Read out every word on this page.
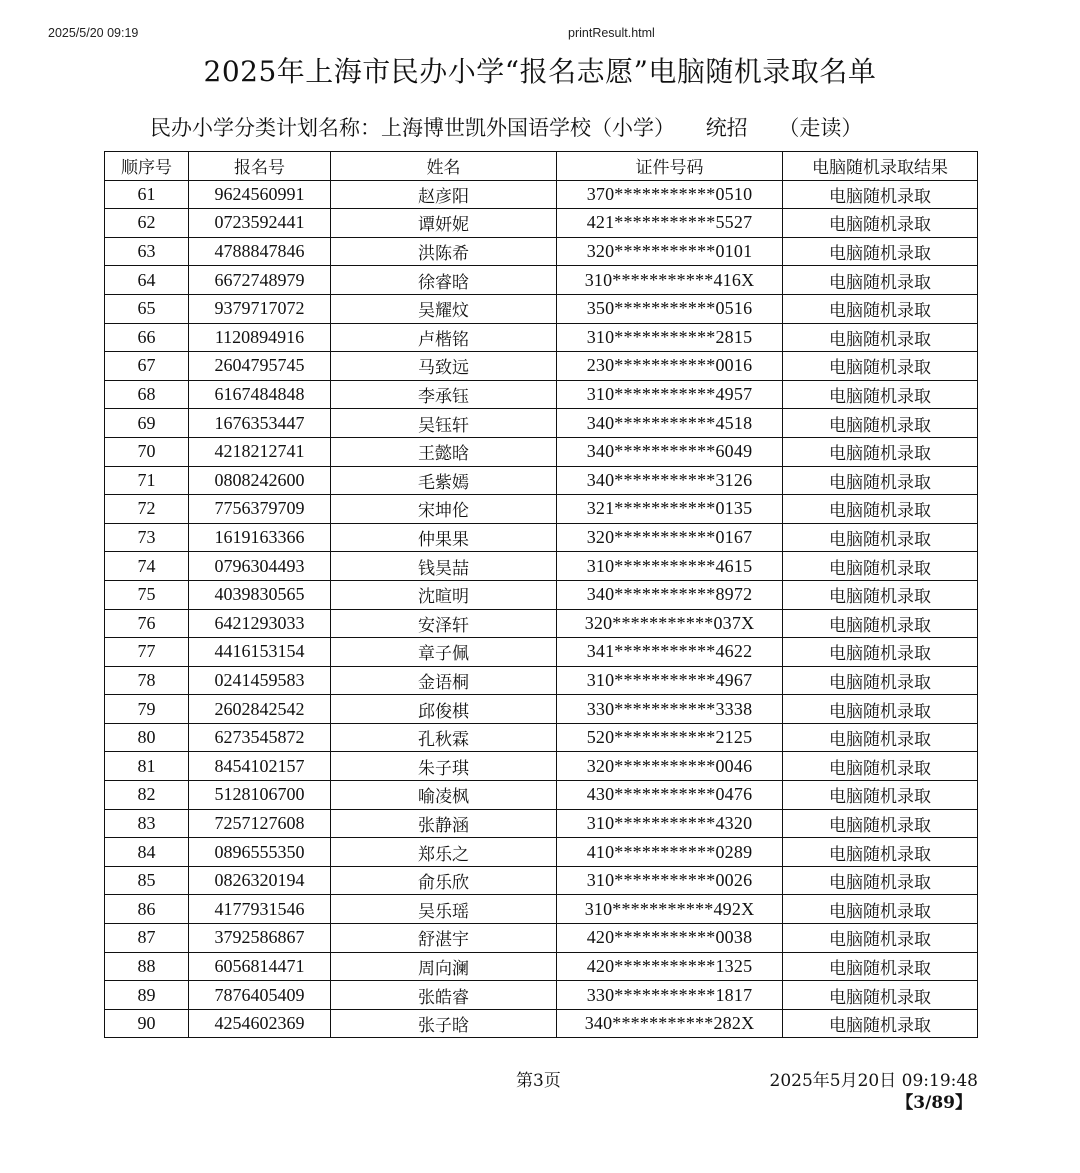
2025/5/20 09:19	printResult.html
2025年上海市民办小学“报名志愿”电脑随机录取名单
民办小学分类计划名称：上海博世凯外国语学校（小学） 统招 （走读）
顺序号	报名号	姓名	证件号码	电脑随机录取结果
61	9624560991	赵彦阳	370***********0510	电脑随机录取
62	0723592441	谭妍妮	421***********5527	电脑随机录取
63	4788847846	洪陈希	320***********0101	电脑随机录取
64	6672748979	徐睿晗	310***********416X	电脑随机录取
65	9379717072	吴耀炆	350***********0516	电脑随机录取
66	1120894916	卢楷铭	310***********2815	电脑随机录取
67	2604795745	马致远	230***********0016	电脑随机录取
68	6167484848	李承钰	310***********4957	电脑随机录取
69	1676353447	吴钰轩	340***********4518	电脑随机录取
70	4218212741	王懿晗	340***********6049	电脑随机录取
71	0808242600	毛紫嫣	340***********3126	电脑随机录取
72	7756379709	宋坤伦	321***********0135	电脑随机录取
73	1619163366	仲果果	320***********0167	电脑随机录取
74	0796304493	钱昊喆	310***********4615	电脑随机录取
75	4039830565	沈暄明	340***********8972	电脑随机录取
76	6421293033	安泽轩	320***********037X	电脑随机录取
77	4416153154	章子佩	341***********4622	电脑随机录取
78	0241459583	金语桐	310***********4967	电脑随机录取
79	2602842542	邱俊棋	330***********3338	电脑随机录取
80	6273545872	孔秋霖	520***********2125	电脑随机录取
81	8454102157	朱子琪	320***********0046	电脑随机录取
82	5128106700	喻凌枫	430***********0476	电脑随机录取
83	7257127608	张静涵	310***********4320	电脑随机录取
84	0896555350	郑乐之	410***********0289	电脑随机录取
85	0826320194	俞乐欣	310***********0026	电脑随机录取
86	4177931546	吴乐瑶	310***********492X	电脑随机录取
87	3792586867	舒湛宇	420***********0038	电脑随机录取
88	6056814471	周向澜	420***********1325	电脑随机录取
89	7876405409	张皓睿	330***********1817	电脑随机录取
90	4254602369	张子晗	340***********282X	电脑随机录取
第3页	2025年5月20日 09:19:48
【3/89】
